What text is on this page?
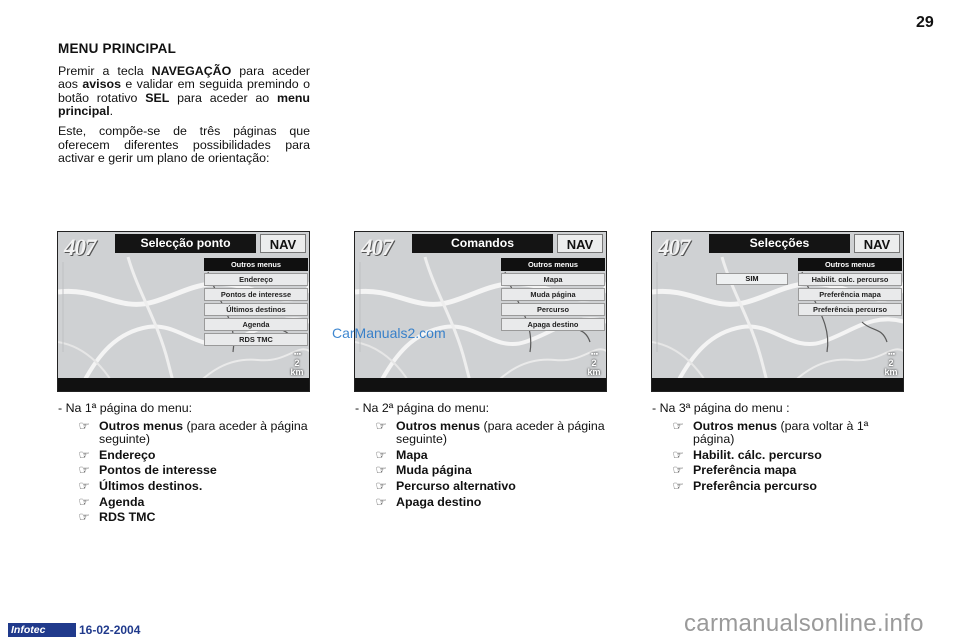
29
MENU PRINCIPAL

Premir a tecla NAVEGAÇÃO para aceder aos avisos e validar em seguida premindo o botão rotativo SEL para aceder ao menu principal.

Este, compõe-se de três páginas que oferecem diferentes possibilidades para activar e gerir um plano de orientação:

407	Selecção ponto	NAV
Outros menus
Endereço
Pontos de interesse
Últimos destinos
Agenda
RDS TMC
▪ ▪ ▪
2
km
407	Comandos	NAV
Outros menus
Mapa
Muda página
Percurso
Apaga destino
▪ ▪ ▪
2
km
407	Selecções	NAV
SIM
Outros menus
Habilit. calc. percurso
Preferência mapa
Preferência percurso
▪ ▪ ▪
2
km
CarManuals2.com
- Na 1ª página do menu:
☞ Outros menus (para aceder à página seguinte)
☞ Endereço
☞ Pontos de interesse
☞ Últimos destinos.
☞ Agenda
☞ RDS TMC
- Na 2ª página do menu:
☞ Outros menus (para aceder à página seguinte)
☞ Mapa
☞ Muda página
☞ Percurso alternativo
☞ Apaga destino
- Na 3ª página do menu :
☞ Outros menus (para voltar à 1ª página)
☞ Habilit. cálc. percurso
☞ Preferência mapa
☞ Preferência percurso
Infotec	16-02-2004	carmanualsonline.info
